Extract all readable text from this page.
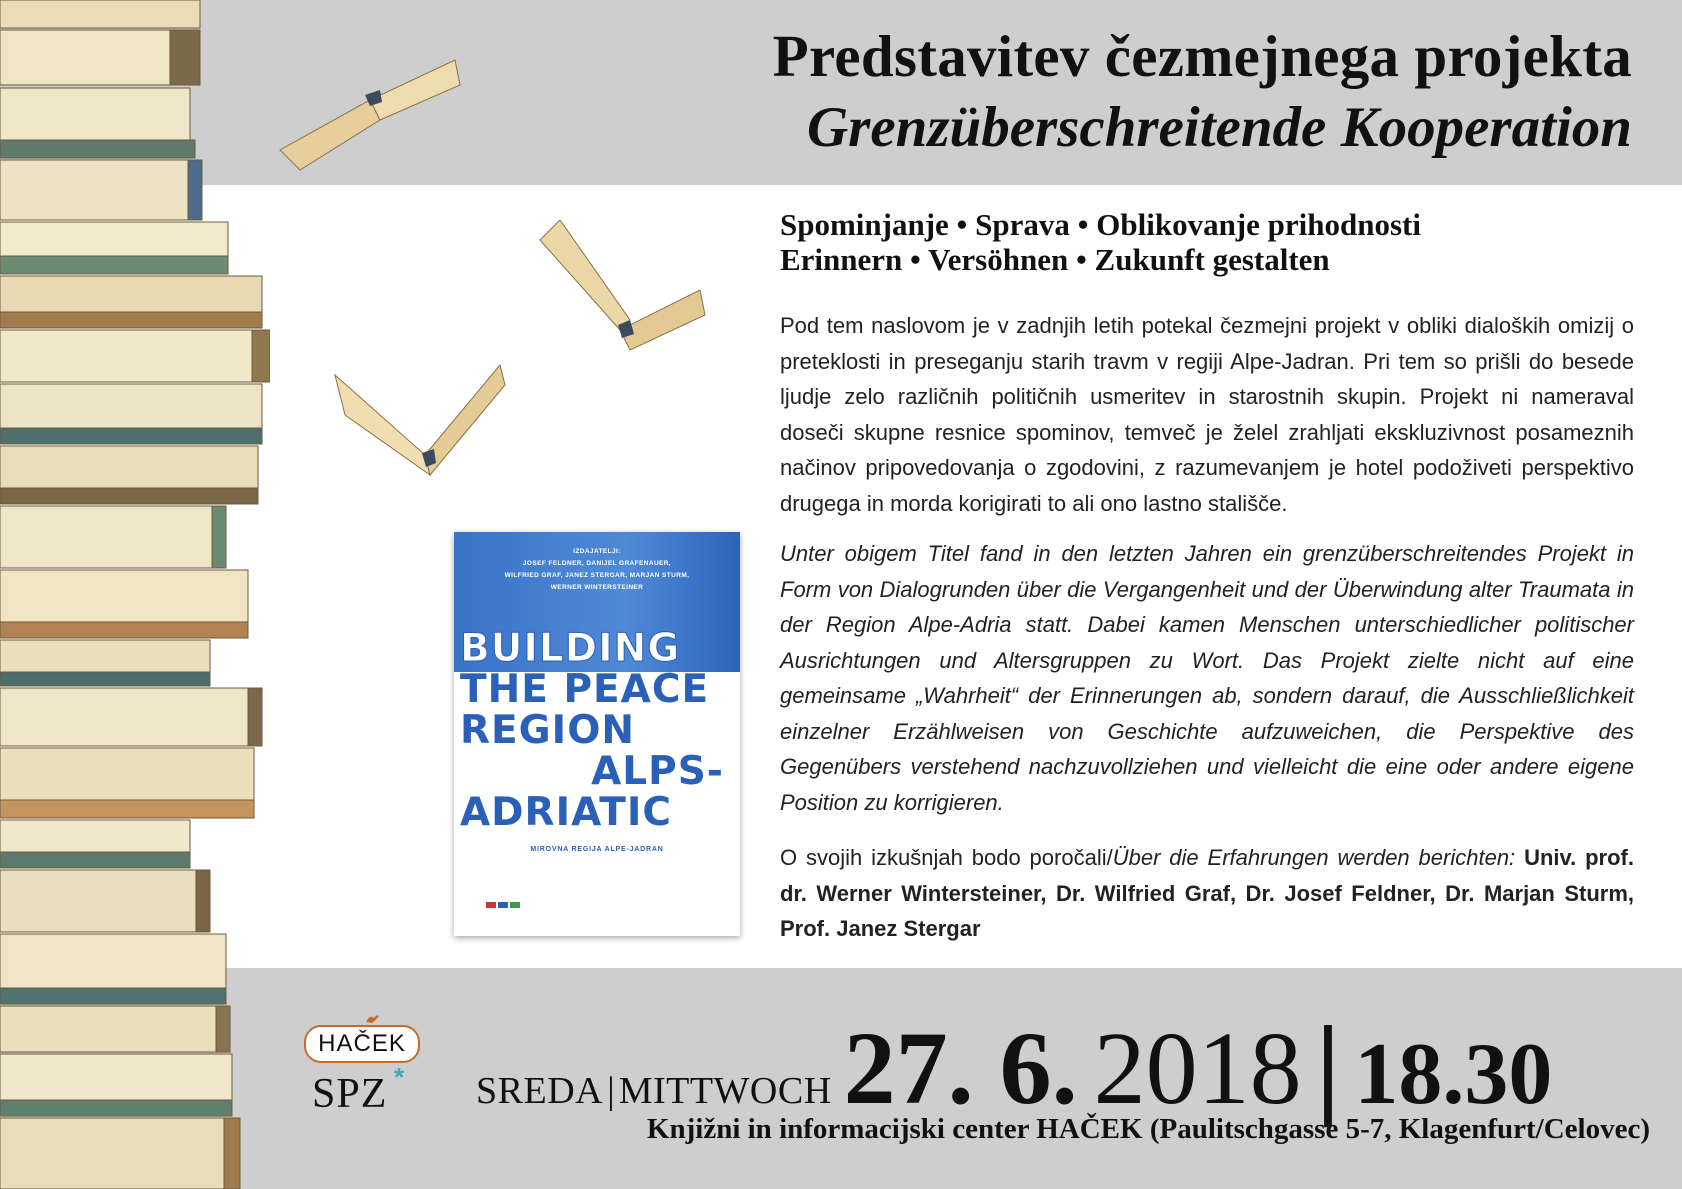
Predstavitev čezmejnega projekta
Grenzüberschreitende Kooperation
Spominjanje • Sprava • Oblikovanje prihodnosti
Erinnern • Versöhnen • Zukunft gestalten
Pod tem naslovom je v zadnjih letih potekal čezmejni projekt v obliki dialoških omizij o preteklosti in preseganju starih travm v regiji Alpe-Jadran. Pri tem so prišli do besede ljudje zelo različnih političnih usmeritev in starostnih skupin. Projekt ni nameraval doseči skupne resnice spominov, temveč je želel zrahljati ekskluzivnost posameznih načinov pripovedovanja o zgodovini, z razumevanjem je hotel podoživeti perspektivo drugega in morda korigirati to ali ono lastno stališče.
Unter obigem Titel fand in den letzten Jahren ein grenzüberschreitendes Projekt in Form von Dialogrunden über die Vergangenheit und der Überwindung alter Traumata in der Region Alpe-Adria statt. Dabei kamen Menschen unterschiedlicher politischer Ausrichtungen und Altersgruppen zu Wort. Das Projekt zielte nicht auf eine gemeinsame „Wahrheit“ der Erinnerungen ab, sondern darauf, die Ausschließlichkeit einzelner Erzählweisen von Geschichte aufzuweichen, die Perspektive des Gegenübers verstehend nachzuvollziehen und vielleicht die eine oder andere eigene Position zu korrigieren.
O svojih izkušnjah bodo poročali/Über die Erfahrungen werden berichten: Univ. prof. dr. Werner Wintersteiner, Dr. Wilfried Graf, Dr. Josef Feldner, Dr. Marjan Sturm, Prof. Janez Stergar
IZDAJATELJI:
JOSEF FELDNER, DANIJEL GRAFENAUER,
WILFRIED GRAF, JANEZ STERGAR, MARJAN STURM,
WERNER WINTERSTEINER
BUILDING
THE PEACE
REGION
ALPS-
ADRIATIC
MIROVNA REGIJA ALPE-JADRAN
HAČEK
SPZ * SREDA | MITTWOCH 27. 6. 2018 | 18.30
Knjižni in informacijski center HAČEK (Paulitschgasse 5-7, Klagenfurt/Celovec)
